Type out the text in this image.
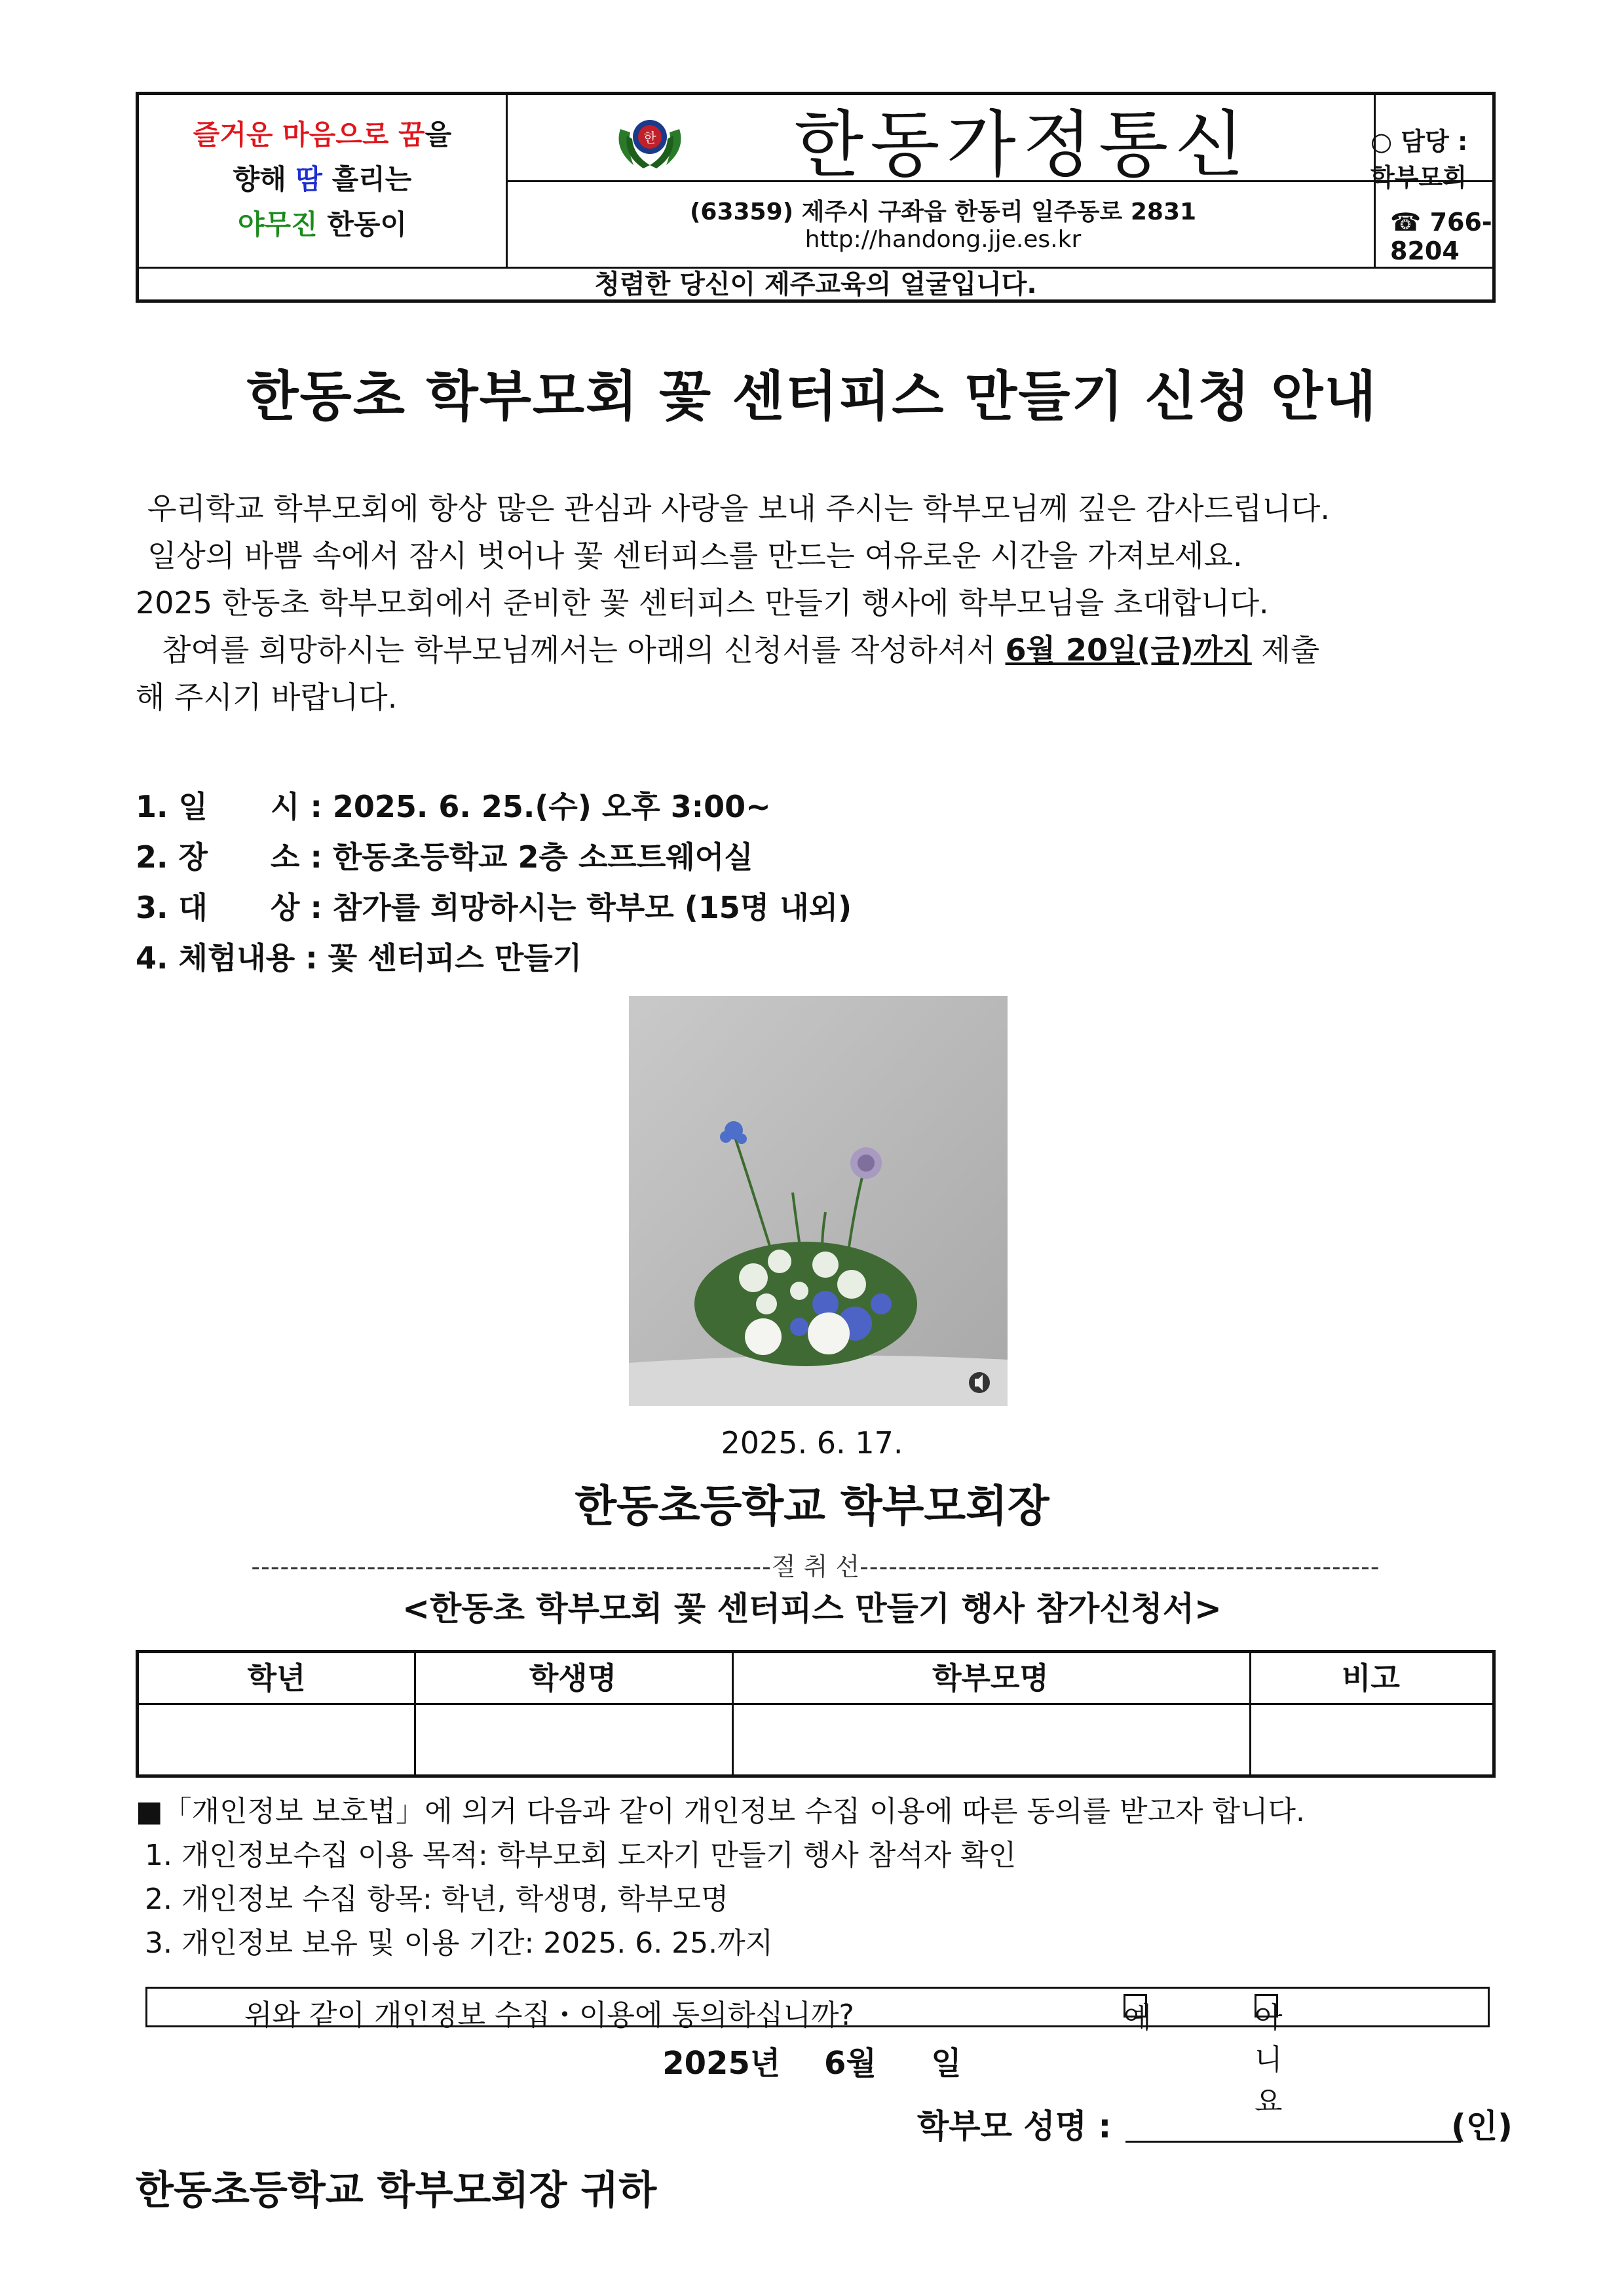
즐거운 마음으로 꿈을
향해 땀 흘리는
야무진 한동이
한 한동가정통신
(63359) 제주시 구좌읍 한동리 일주동로 2831
http://handong.jje.es.kr
○ 담당 : 학부모회
☎ 766-8204
청렴한 당신이 제주교육의 얼굴입니다.
한동초 학부모회 꽃 센터피스 만들기 신청 안내
우리학교 학부모회에 항상 많은 관심과 사랑을 보내 주시는 학부모님께 깊은 감사드립니다.
일상의 바쁨 속에서 잠시 벗어나 꽃 센터피스를 만드는 여유로운 시간을 가져보세요.
2025 한동초 학부모회에서 준비한 꽃 센터피스 만들기 행사에 학부모님을 초대합니다.
참여를 희망하시는 학부모님께서는 아래의 신청서를 작성하셔서 6월 20일(금)까지 제출
해 주시기 바랍니다.
1. 일      시 : 2025. 6. 25.(수) 오후 3:00~
2. 장      소 : 한동초등학교 2층 소프트웨어실
3. 대      상 : 참가를 희망하시는 학부모 (15명 내외)
4. 체험내용 : 꽃 센터피스 만들기
2025. 6. 17.
한동초등학교 학부모회장
------------------------------------------------------절 취 선------------------------------------------------------
<한동초 학부모회 꽃 센터피스 만들기 행사 참가신청서>
학년	학생명	학부모명	비고
■「개인정보 보호법」에 의거 다음과 같이 개인정보 수집 이용에 따른 동의를 받고자 합니다.
1. 개인정보수집 이용 목적: 학부모회 도자기 만들기 행사 참석자 확인
2. 개인정보 수집 항목: 학년, 학생명, 학부모명
3. 개인정보 보유 및 이용 기간: 2025. 6. 25.까지
위와 같이 개인정보 수집・이용에 동의하십니까?	예	아니요
2025년    6월     일
학부모 성명 :	(인)
한동초등학교 학부모회장 귀하
